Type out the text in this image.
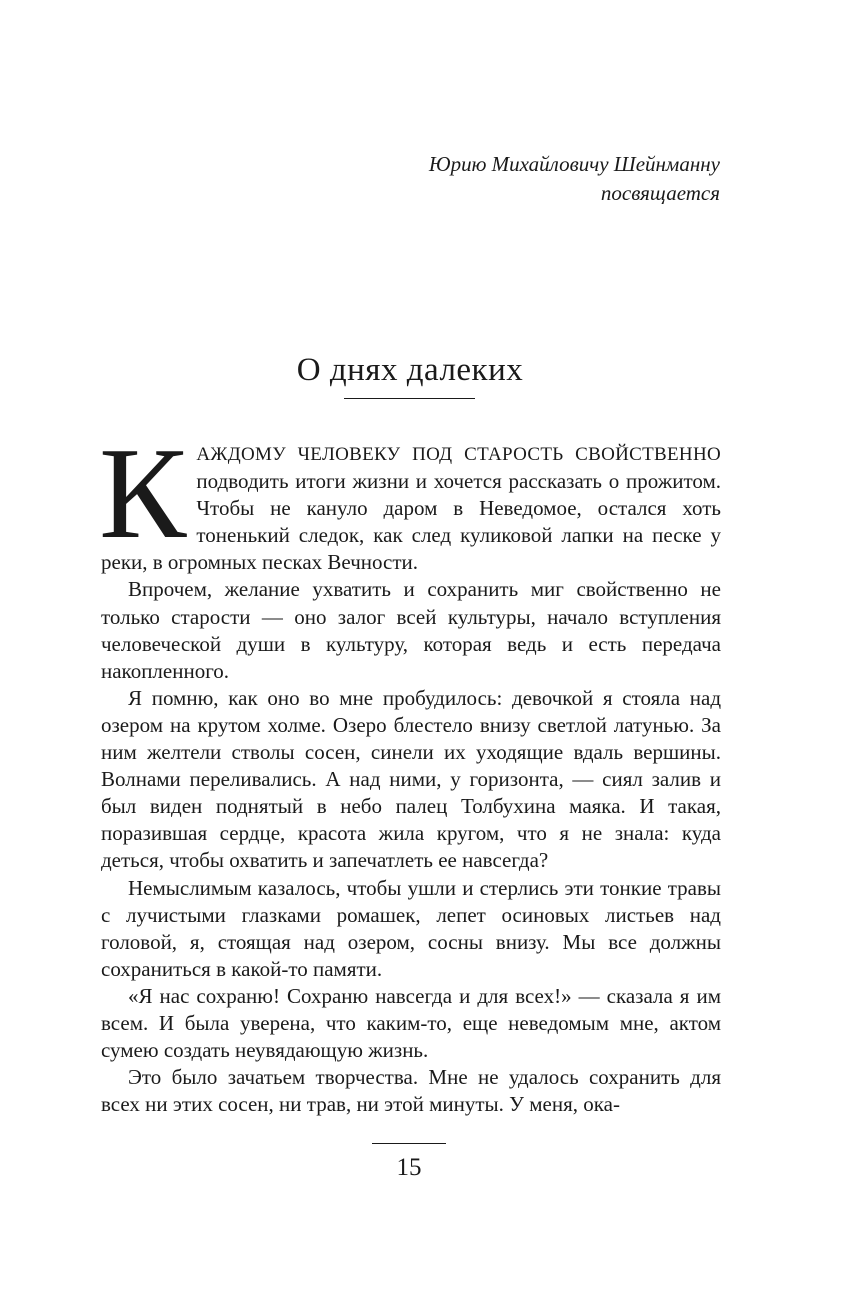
Юрию Михайловичу Шейнманну
посвящается
О днях далеких

КАЖДОМУ ЧЕЛОВЕКУ ПОД СТАРОСТЬ СВОЙСТВЕННО подводить итоги жизни и хочется рассказать о прожитом. Чтобы не кануло даром в Неведомое, остался хоть тоненький следок, как след куликовой лапки на песке у реки, в огромных песках Вечности.

Впрочем, желание ухватить и сохранить миг свойственно не только старости — оно залог всей культуры, начало вступления человеческой души в культуру, которая ведь и есть передача накопленного.

Я помню, как оно во мне пробудилось: девочкой я стояла над озером на крутом холме. Озеро блестело внизу светлой латунью. За ним желтели стволы сосен, синели их уходящие вдаль вершины. Волнами переливались. А над ними, у горизонта, — сиял залив и был виден поднятый в небо палец Толбухина маяка. И такая, поразившая сердце, красота жила кругом, что я не знала: куда деться, чтобы охватить и запечатлеть ее навсегда?

Немыслимым казалось, чтобы ушли и стерлись эти тонкие травы с лучистыми глазками ромашек, лепет осиновых листьев над головой, я, стоящая над озером, сосны внизу. Мы все должны сохраниться в какой-то памяти.

«Я нас сохраню! Сохраню навсегда и для всех!» — сказала я им всем. И была уверена, что каким-то, еще неведомым мне, актом сумею создать неувядающую жизнь.

Это было зачатьем творчества. Мне не удалось сохранить для всех ни этих сосен, ни трав, ни этой минуты. У меня, ока-

15
